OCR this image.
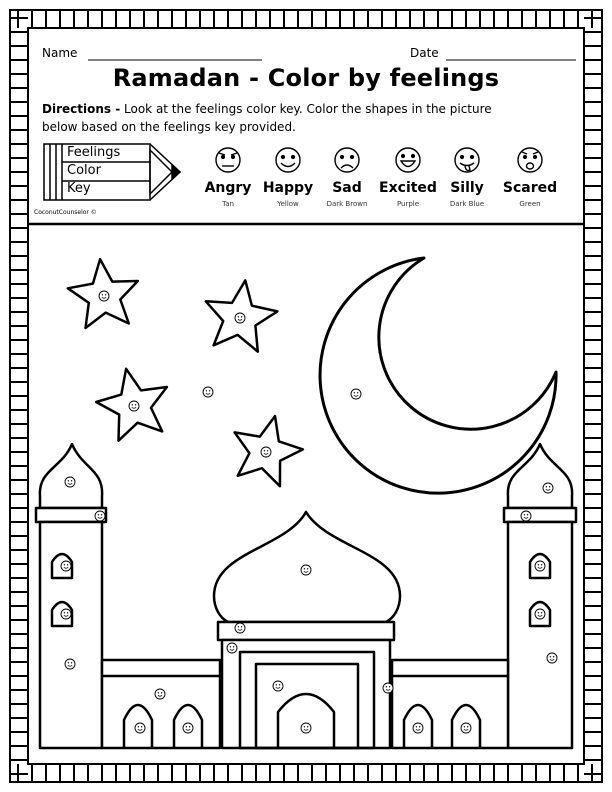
Name	Date
Ramadan - Color by feelings
Directions - Look at the feelings color key. Color the shapes in the picture
below based on the feelings key provided.
Feelings
Color
Key
CoconutCounselor ©
Angry
Tan
Happy
Yellow
Sad
Dark Brown
Excited
Purple
Silly
Dark Blue
Scared
Green
